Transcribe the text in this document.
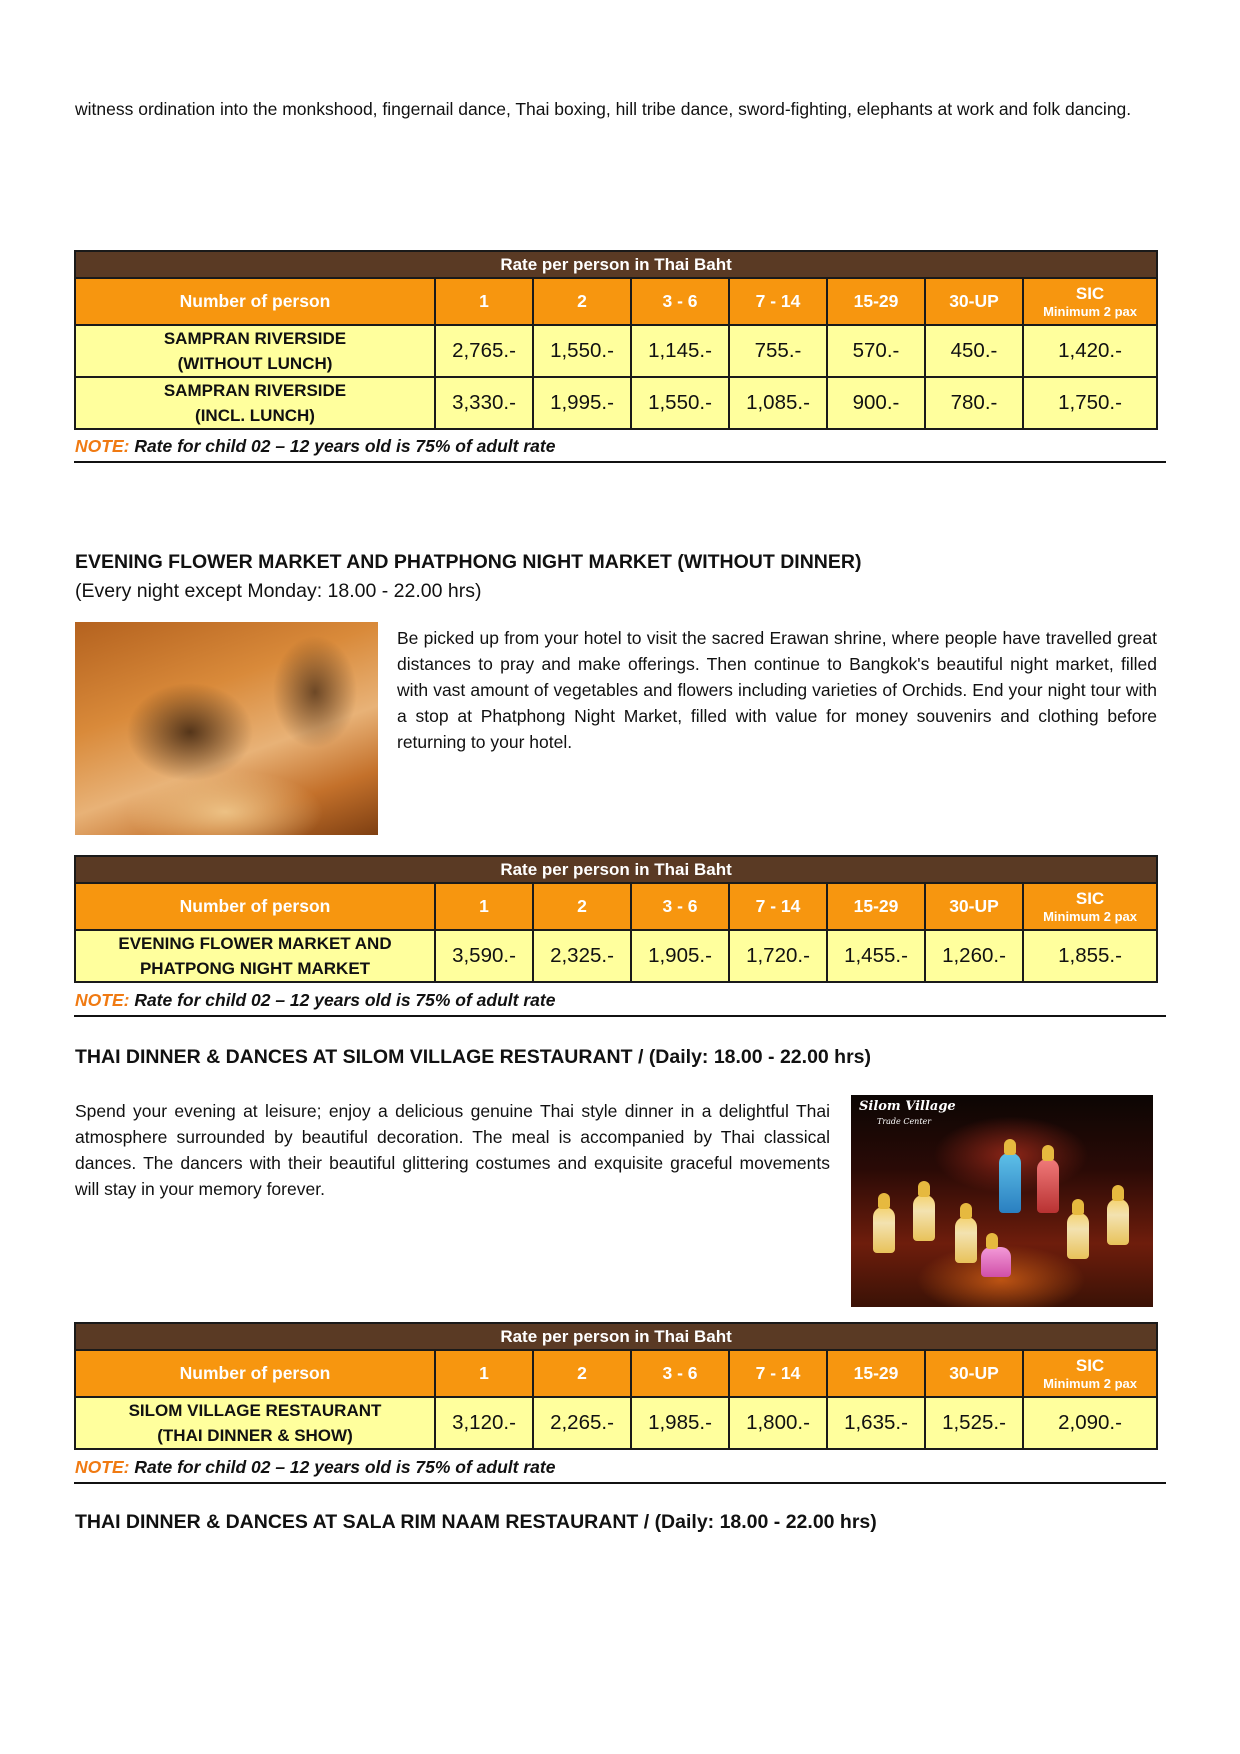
witness ordination into the monkshood, fingernail dance, Thai boxing, hill tribe dance, sword-fighting, elephants at work and folk dancing.

Rate per person in Thai Baht							
Number of person	1	2	3 - 6	7 - 14	15-29	30-UP	SIC
Minimum 2 pax

SAMPRAN RIVERSIDE
(WITHOUT LUNCH)	2,765.-	1,550.-	1,145.-	755.-	570.-	450.-	1,420.-

SAMPRAN RIVERSIDE
(INCL. LUNCH)	3,330.-	1,995.-	1,550.-	1,085.-	900.-	780.-	1,750.-

NOTE: Rate for child 02 – 12 years old is 75% of adult rate

EVENING FLOWER MARKET AND PHATPHONG NIGHT MARKET (WITHOUT DINNER)

(Every night except Monday: 18.00 - 22.00 hrs)

Be picked up from your hotel to visit the sacred Erawan shrine, where people have travelled great distances to pray and make offerings. Then continue to Bangkok's beautiful night market, filled with vast amount of vegetables and flowers including varieties of Orchids. End your night tour with a stop at Phatphong Night Market, filled with value for money souvenirs and clothing before returning to your hotel.

Rate per person in Thai Baht							
Number of person	1	2	3 - 6	7 - 14	15-29	30-UP	SIC
Minimum 2 pax

EVENING FLOWER MARKET AND
PHATPONG NIGHT MARKET	3,590.-	2,325.-	1,905.-	1,720.-	1,455.-	1,260.-	1,855.-

NOTE: Rate for child 02 – 12 years old is 75% of adult rate

THAI DINNER & DANCES AT SILOM VILLAGE RESTAURANT / (Daily: 18.00 - 22.00 hrs)

Spend your evening at leisure; enjoy a delicious genuine Thai style dinner in a delightful Thai atmosphere surrounded by beautiful decoration. The meal is accompanied by Thai classical dances. The dancers with their beautiful glittering costumes and exquisite graceful movements will stay in your memory forever.

Silom Village
Trade Center
Rate per person in Thai Baht							
Number of person	1	2	3 - 6	7 - 14	15-29	30-UP	SIC
Minimum 2 pax

SILOM VILLAGE RESTAURANT
(THAI DINNER & SHOW)	3,120.-	2,265.-	1,985.-	1,800.-	1,635.-	1,525.-	2,090.-

NOTE: Rate for child 02 – 12 years old is 75% of adult rate

THAI DINNER & DANCES AT SALA RIM NAAM RESTAURANT / (Daily: 18.00 - 22.00 hrs)
